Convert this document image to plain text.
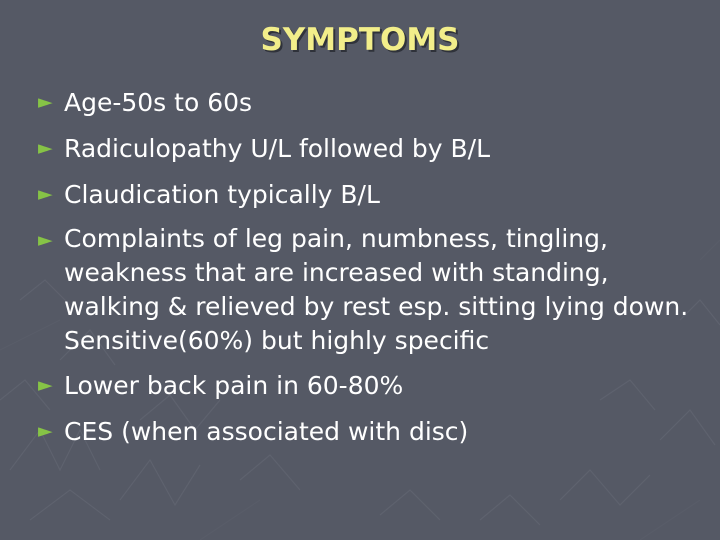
SYMPTOMS
► Age-50s to 60s
► Radiculopathy U/L followed by B/L
► Claudication typically B/L
► Complaints of leg pain, numbness, tingling, weakness that are increased with standing, walking & relieved by rest esp. sitting lying down. Sensitive(60%) but highly specific
► Lower back pain in 60-80%
► CES (when associated with disc)
